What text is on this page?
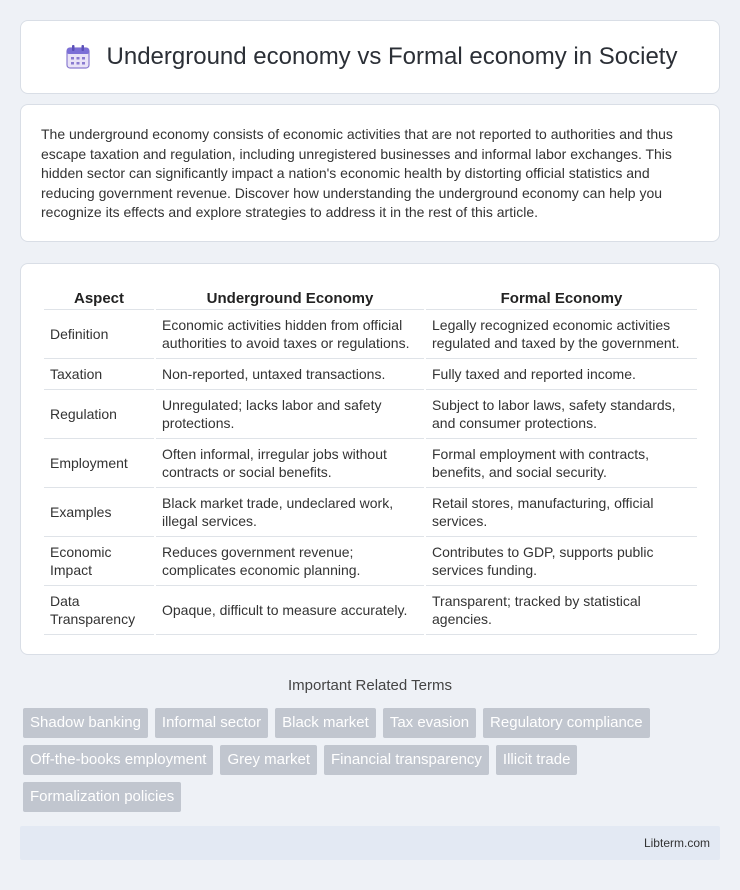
Underground economy vs Formal economy in Society

The underground economy consists of economic activities that are not reported to authorities and thus escape taxation and regulation, including unregistered businesses and informal labor exchanges. This hidden sector can significantly impact a nation's economic health by distorting official statistics and reducing government revenue. Discover how understanding the underground economy can help you recognize its effects and explore strategies to address it in the rest of this article.

Aspect	Underground Economy	Formal Economy
Definition	Economic activities hidden from official authorities to avoid taxes or regulations.	Legally recognized economic activities regulated and taxed by the government.
Taxation	Non-reported, untaxed transactions.	Fully taxed and reported income.
Regulation	Unregulated; lacks labor and safety protections.	Subject to labor laws, safety standards, and consumer protections.
Employment	Often informal, irregular jobs without contracts or social benefits.	Formal employment with contracts, benefits, and social security.
Examples	Black market trade, undeclared work, illegal services.	Retail stores, manufacturing, official services.
Economic Impact	Reduces government revenue; complicates economic planning.	Contributes to GDP, supports public services funding.
Data Transparency	Opaque, difficult to measure accurately.	Transparent; tracked by statistical agencies.
Important Related Terms
Shadow banking	Informal sector	Black market	Tax evasion	Regulatory compliance
Off-the-books employment	Grey market	Financial transparency	Illicit trade
Formalization policies
Libterm.com
